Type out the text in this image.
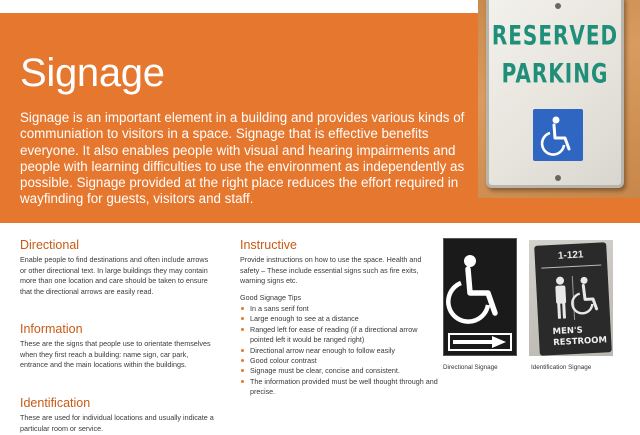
Signage

Signage is an important element in a building and provides various kinds of communiation to visitors in a space. Signage that is effective benefits everyone. It also enables people with visual and hearing impairments and people with learning difficulties to use the environment as independently as possible. Signage provided at the right place reduces the effort required in wayfinding for guests, visitors and staff.

RESERVED
PARKING
Directional

Enable people to find destinations and often include arrows or other directional text. In large buildings they may contain more than one location and care should be taken to ensure that the directional arrows are easily read.

Information

These are the signs that people use to orientate themselves when they first reach a building: name sign, car park, entrance and the main locations within the buildings.

Identification

These are used for individual locations and usually indicate a particular room or service.

Instructive

Provide instructions on how to use the space. Health and safety – These include essential signs such as fire exits, warning signs etc.

Good Signage Tips
In a sans serif font
Large enough to see at a distance
Ranged left for ease of reading (if a directional arrow pointed left it would be ranged right)
Directional arrow near enough to follow easily
Good colour contrast
Signage must be clear, concise and consistent.
The information provided must be well thought through and precise.
Directional Signage
1-121
MEN'S
RESTROOM
Identification Signage
